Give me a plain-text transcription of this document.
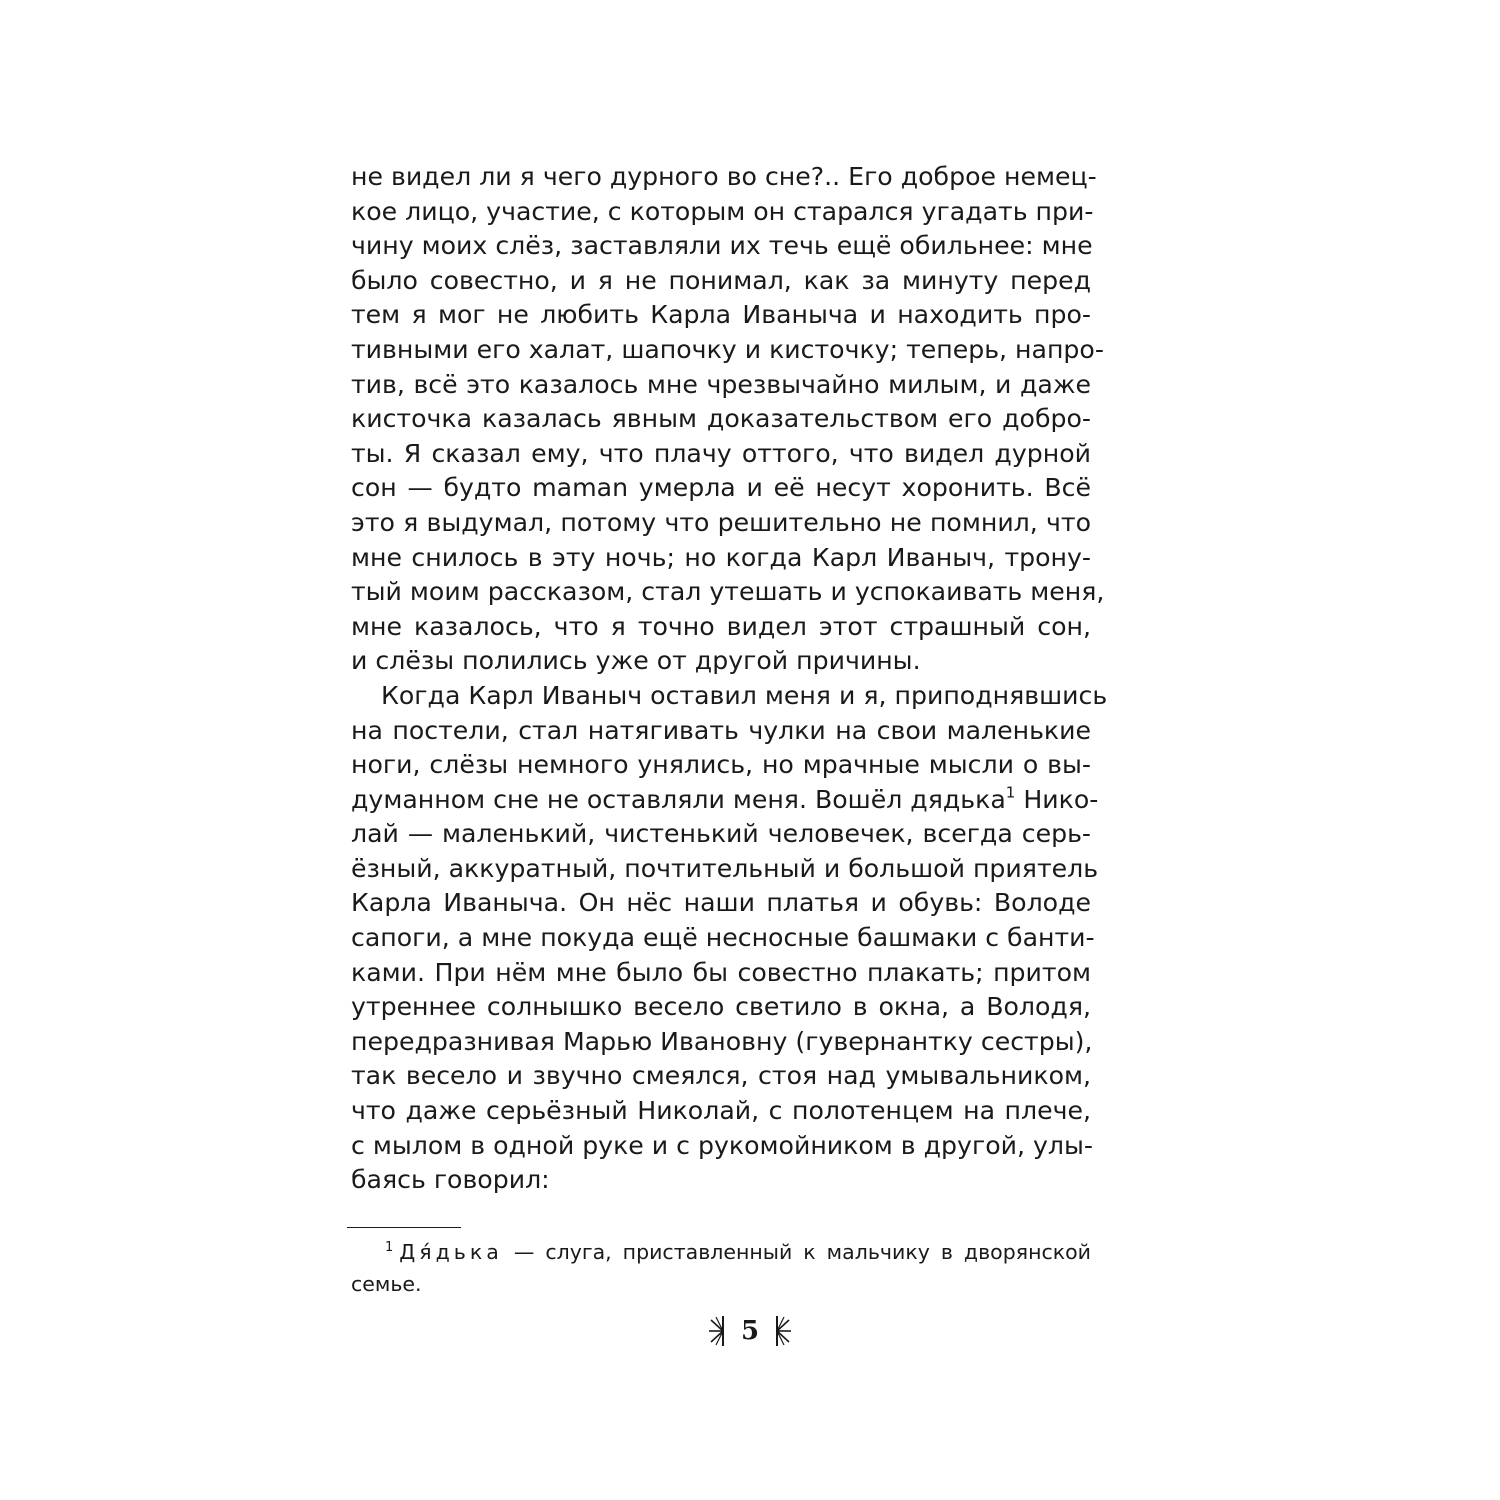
не видел ли я чего дурного во сне?.. Его доброе немец-
кое лицо, участие, с которым он старался угадать при-
чину моих слёз, заставляли их течь ещё обильнее: мне
было совестно, и я не понимал, как за минуту перед
тем я мог не любить Карла Иваныча и находить про-
тивными его халат, шапочку и кисточку; теперь, напро-
тив, всё это казалось мне чрезвычайно милым, и даже
кисточка казалась явным доказательством его добро-
ты. Я сказал ему, что плачу оттого, что видел дурной
сон — будто maman умерла и её несут хоронить. Всё
это я выдумал, потому что решительно не помнил, что
мне снилось в эту ночь; но когда Карл Иваныч, трону-
тый моим рассказом, стал утешать и успокаивать меня,
мне казалось, что я точно видел этот страшный сон,
и слёзы полились уже от другой причины.
Когда Карл Иваныч оставил меня и я, приподнявшись
на постели, стал натягивать чулки на свои маленькие
ноги, слёзы немного унялись, но мрачные мысли о вы-
думанном сне не оставляли меня. Вошёл дядька$^1$ Нико-
лай — маленький, чистенький человечек, всегда серь-
ёзный, аккуратный, почтительный и большой приятель
Карла Иваныча. Он нёс наши платья и обувь: Володе
сапоги, а мне покуда ещё несносные башмаки с банти-
ками. При нём мне было бы совестно плакать; притом
утреннее солнышко весело светило в окна, а Володя,
передразнивая Марью Ивановну (гувернантку сестры),
так весело и звучно смеялся, стоя над умывальником,
что даже серьёзный Николай, с полотенцем на плече,
с мылом в одной руке и с рукомойником в другой, улы-
баясь говорил:
$^1$ Дя́дька — слуга, приставленный к мальчику в дворянской
семье.
5
